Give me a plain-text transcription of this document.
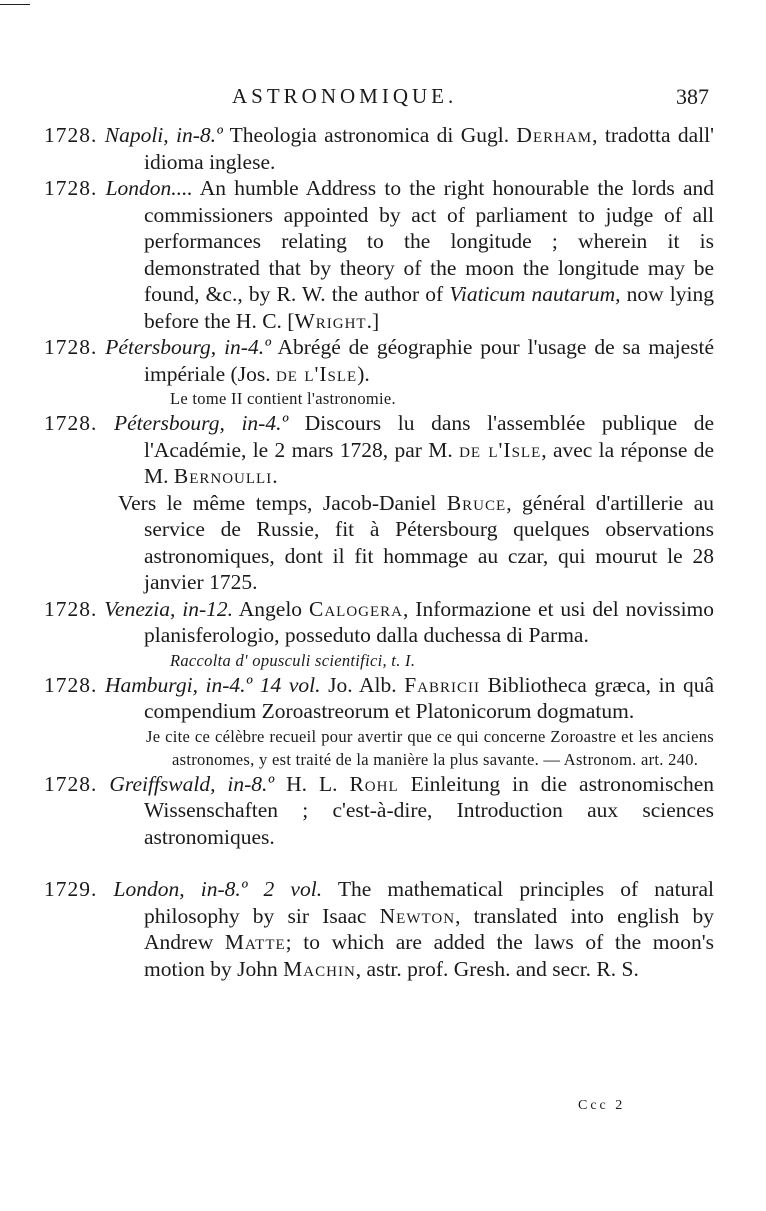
ASTRONOMIQUE.	387

1728. Napoli, in-8.º Theologia astronomica di Gugl. Derham, tradotta dall' idioma inglese.

1728. London.... An humble Address to the right honourable the lords and commissioners appointed by act of parliament to judge of all performances relating to the longitude ; wherein it is demonstrated that by theory of the moon the longitude may be found, &c., by R. W. the author of Viaticum nautarum, now lying before the H. C. [Wright.]

1728. Pétersbourg, in-4.º Abrégé de géographie pour l'usage de sa majesté impériale (Jos. de l'Isle).

Le tome II contient l'astronomie.

1728. Pétersbourg, in-4.º Discours lu dans l'assemblée publique de l'Académie, le 2 mars 1728, par M. de l'Isle, avec la réponse de M. Bernoulli.

Vers le même temps, Jacob-Daniel Bruce, général d'artillerie au service de Russie, fit à Pétersbourg quelques observations astronomiques, dont il fit hommage au czar, qui mourut le 28 janvier 1725.

1728. Venezia, in-12. Angelo Calogera, Informazione et usi del novissimo planisferologio, posseduto dalla duchessa di Parma.

Raccolta d' opusculi scientifici, t. I.

1728. Hamburgi, in-4.º 14 vol. Jo. Alb. Fabricii Bibliotheca græca, in quâ compendium Zoroastreorum et Platonicorum dogmatum.

Je cite ce célèbre recueil pour avertir que ce qui concerne Zoroastre et les anciens astronomes, y est traité de la manière la plus savante. — Astronom. art. 240.

1728. Greiffswald, in-8.º H. L. Rohl Einleitung in die astronomischen Wissenschaften ; c'est-à-dire, Introduction aux sciences astronomiques.

1729. London, in-8.º 2 vol. The mathematical principles of natural philosophy by sir Isaac Newton, translated into english by Andrew Matte; to which are added the laws of the moon's motion by John Machin, astr. prof. Gresh. and secr. R. S.

Ccc 2
